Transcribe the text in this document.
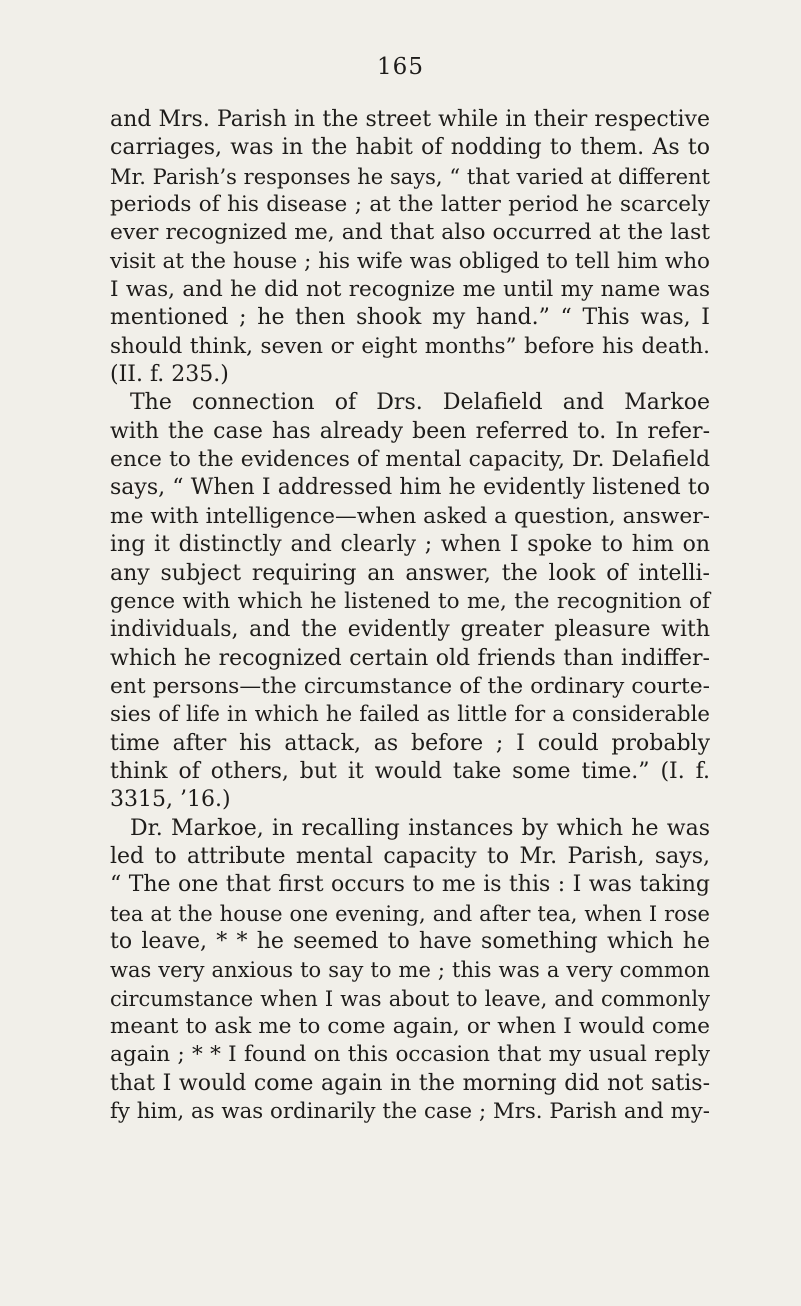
165
and Mrs. Parish in the street while in their respective
carriages, was in the habit of nodding to them. As to
Mr. Parish’s responses he says, “ that varied at different
periods of his disease ; at the latter period he scarcely
ever recognized me, and that also occurred at the last
visit at the house ; his wife was obliged to tell him who
I was, and he did not recognize me until my name was
mentioned ; he then shook my hand.” “ This was, I
should think, seven or eight months” before his death.
(II. f. 235.)
The connection of Drs. Delafield and Markoe
with the case has already been referred to. In refer-
ence to the evidences of mental capacity, Dr. Delafield
says, “ When I addressed him he evidently listened to
me with intelligence—when asked a question, answer-
ing it distinctly and clearly ; when I spoke to him on
any subject requiring an answer, the look of intelli-
gence with which he listened to me, the recognition of
individuals, and the evidently greater pleasure with
which he recognized certain old friends than indiffer-
ent persons—the circumstance of the ordinary courte-
sies of life in which he failed as little for a considerable
time after his attack, as before ; I could probably
think of others, but it would take some time.” (I. f.
3315, ’16.)
Dr. Markoe, in recalling instances by which he was
led to attribute mental capacity to Mr. Parish, says,
“ The one that first occurs to me is this : I was taking
tea at the house one evening, and after tea, when I rose
to leave, * * he seemed to have something which he
was very anxious to say to me ; this was a very common
circumstance when I was about to leave, and commonly
meant to ask me to come again, or when I would come
again ; * * I found on this occasion that my usual reply
that I would come again in the morning did not satis-
fy him, as was ordinarily the case ; Mrs. Parish and my-
